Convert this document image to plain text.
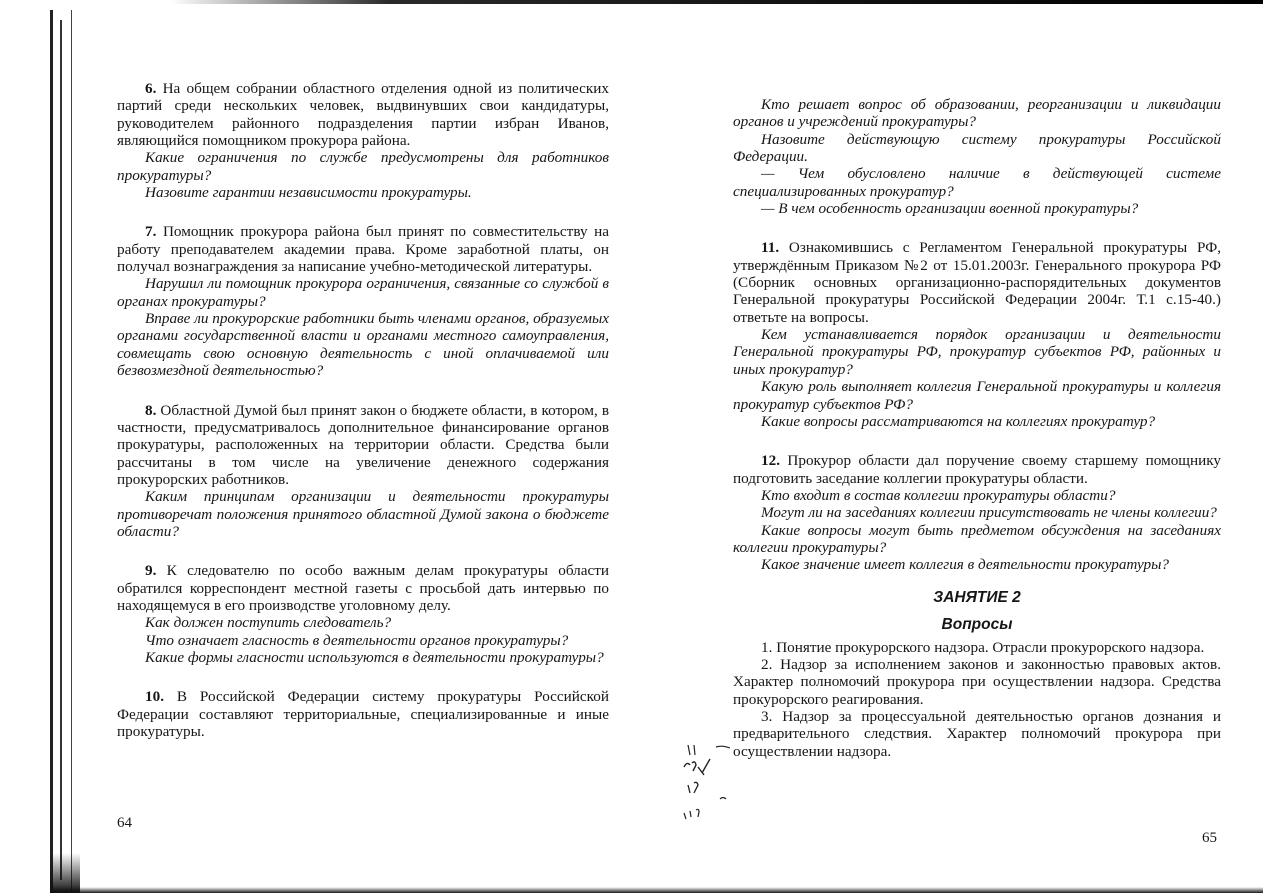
6. На общем собрании областного отделения одной из политических партий среди нескольких человек, выдвинувших свои кандидатуры, руководителем районного подразделения партии избран Иванов, являющийся помощником прокурора района.

Какие ограничения по службе предусмотрены для работников прокуратуры?

Назовите гарантии независимости прокуратуры.

7. Помощник прокурора района был принят по совместительству на работу преподавателем академии права. Кроме заработной платы, он получал вознаграждения за написание учебно-методической литературы.

Нарушил ли помощник прокурора ограничения, связанные со службой в органах прокуратуры?

Вправе ли прокурорские работники быть членами органов, образуемых органами государственной власти и органами местного самоуправления, совмещать свою основную деятельность с иной оплачиваемой или безвозмездной деятельностью?

8. Областной Думой был принят закон о бюджете области, в котором, в частности, предусматривалось дополнительное финансирование органов прокуратуры, расположенных на территории области. Средства были рассчитаны в том числе на увеличение денежного содержания прокурорских работников.

Каким принципам организации и деятельности прокуратуры противоречат положения принятого областной Думой закона о бюджете области?

9. К следователю по особо важным делам прокуратуры области обратился корреспондент местной газеты с просьбой дать интервью по находящемуся в его производстве уголовному делу.

Как должен поступить следователь?

Что означает гласность в деятельности органов прокуратуры?

Какие формы гласности используются в деятельности прокуратуры?

10. В Российской Федерации систему прокуратуры Российской Федерации составляют территориальные, специализированные и иные прокуратуры.

64

Кто решает вопрос об образовании, реорганизации и ликвидации органов и учреждений прокуратуры?

Назовите действующую систему прокуратуры Российской Федерации.

— Чем обусловлено наличие в действующей системе специализированных прокуратур?

— В чем особенность организации военной прокуратуры?

11. Ознакомившись с Регламентом Генеральной прокуратуры РФ, утверждённым Приказом №2 от 15.01.2003г. Генерального прокурора РФ (Сборник основных организационно-распорядительных документов Генеральной прокуратуры Российской Федерации 2004г. Т.1 с.15-40.) ответьте на вопросы.

Кем устанавливается порядок организации и деятельности Генеральной прокуратуры РФ, прокуратур субъектов РФ, районных и иных прокуратур?

Какую роль выполняет коллегия Генеральной прокуратуры и коллегия прокуратур субъектов РФ?

Какие вопросы рассматриваются на коллегиях прокуратур?

12. Прокурор области дал поручение своему старшему помощнику подготовить заседание коллегии прокуратуры области.

Кто входит в состав коллегии прокуратуры области?

Могут ли на заседаниях коллегии присутствовать не члены коллегии?

Какие вопросы могут быть предметом обсуждения на заседаниях коллегии прокуратуры?

Какое значение имеет коллегия в деятельности прокуратуры?

ЗАНЯТИЕ 2
Вопросы

1. Понятие прокурорского надзора. Отрасли прокурорского надзора.

2. Надзор за исполнением законов и законностью правовых актов. Характер полномочий прокурора при осуществлении надзора. Средства прокурорского реагирования.

3. Надзор за процессуальной деятельностью органов дознания и предварительного следствия. Характер полномочий прокурора при осуществлении надзора.

65
